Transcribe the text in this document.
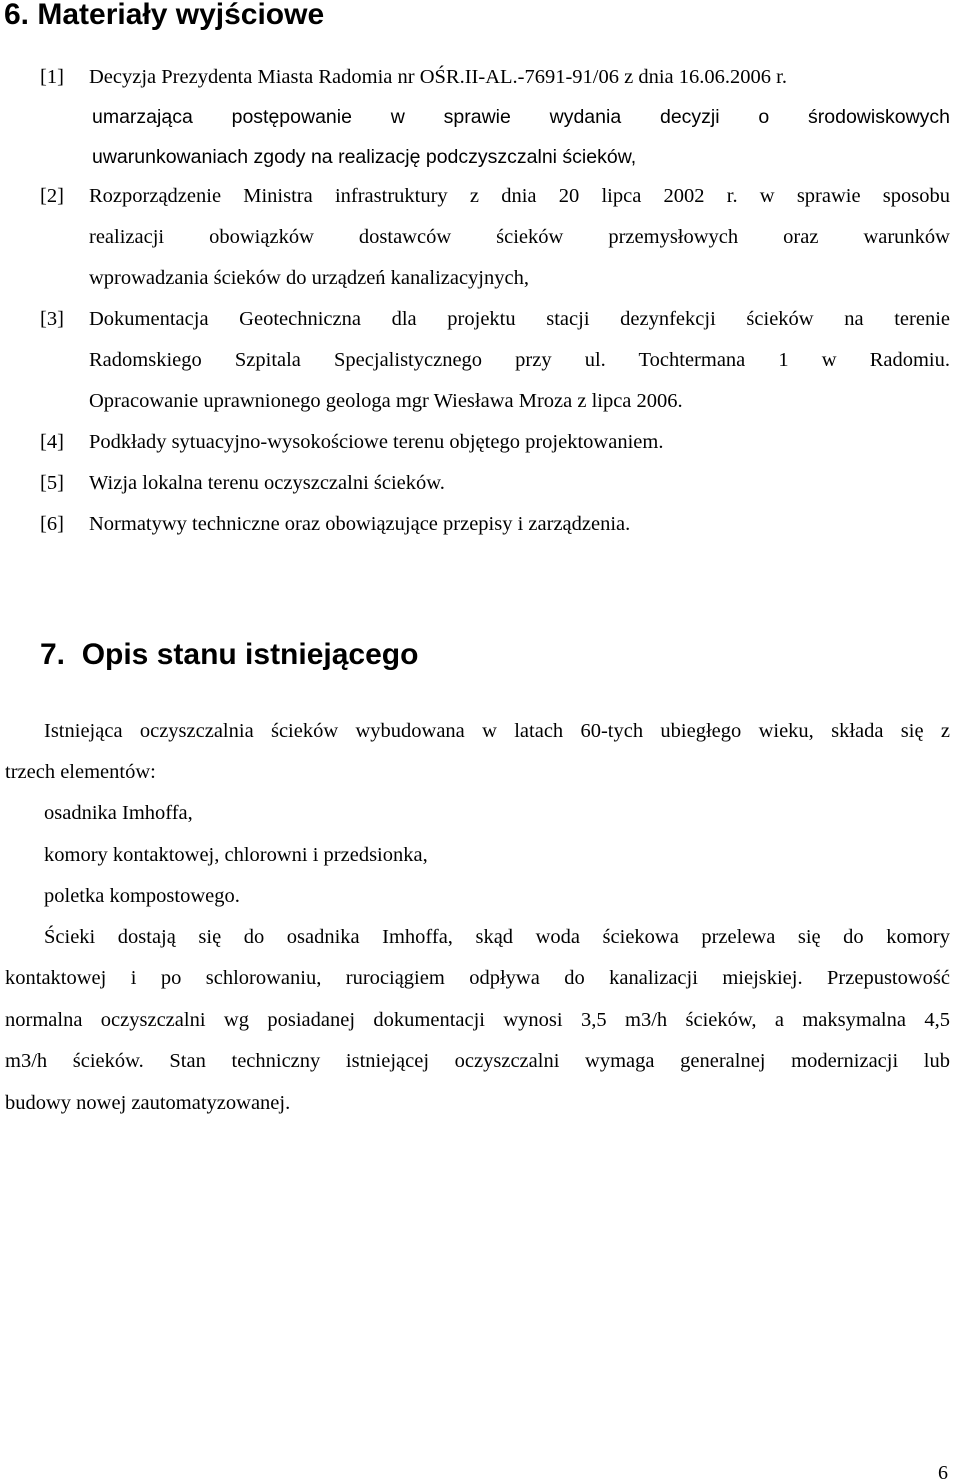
6. Materiały wyjściowe
[1] Decyzja Prezydenta Miasta Radomia nr OŚR.II-AL.-7691-91/06 z dnia 16.06.2006 r.
umarzająca postępowanie w sprawie wydania decyzji o środowiskowych
uwarunkowaniach zgody na realizację podczyszczalni ścieków,
[2] Rozporządzenie Ministra infrastruktury z dnia 20 lipca 2002 r. w sprawie sposobu
realizacji obowiązków dostawców ścieków przemysłowych oraz warunków
wprowadzania ścieków do urządzeń kanalizacyjnych,
[3] Dokumentacja Geotechniczna dla projektu stacji dezynfekcji ścieków na terenie
Radomskiego Szpitala Specjalistycznego przy ul. Tochtermana 1 w Radomiu.
Opracowanie uprawnionego geologa mgr Wiesława Mroza z lipca 2006.
[4] Podkłady sytuacyjno-wysokościowe terenu objętego projektowaniem.
[5] Wizja lokalna terenu oczyszczalni ścieków.
[6] Normatywy techniczne oraz obowiązujące przepisy i zarządzenia.
7.  Opis stanu istniejącego
Istniejąca oczyszczalnia ścieków wybudowana w latach 60-tych ubiegłego wieku, składa się z
trzech elementów:
osadnika Imhoffa,
komory kontaktowej, chlorowni i przedsionka,
poletka kompostowego.
Ścieki dostają się do osadnika Imhoffa, skąd woda ściekowa przelewa się do komory
kontaktowej i po schlorowaniu, rurociągiem odpływa do kanalizacji miejskiej. Przepustowość
normalna oczyszczalni wg posiadanej dokumentacji wynosi 3,5 m3/h ścieków, a maksymalna 4,5
m3/h ścieków. Stan techniczny istniejącej oczyszczalni wymaga generalnej modernizacji lub
budowy nowej zautomatyzowanej.
6
